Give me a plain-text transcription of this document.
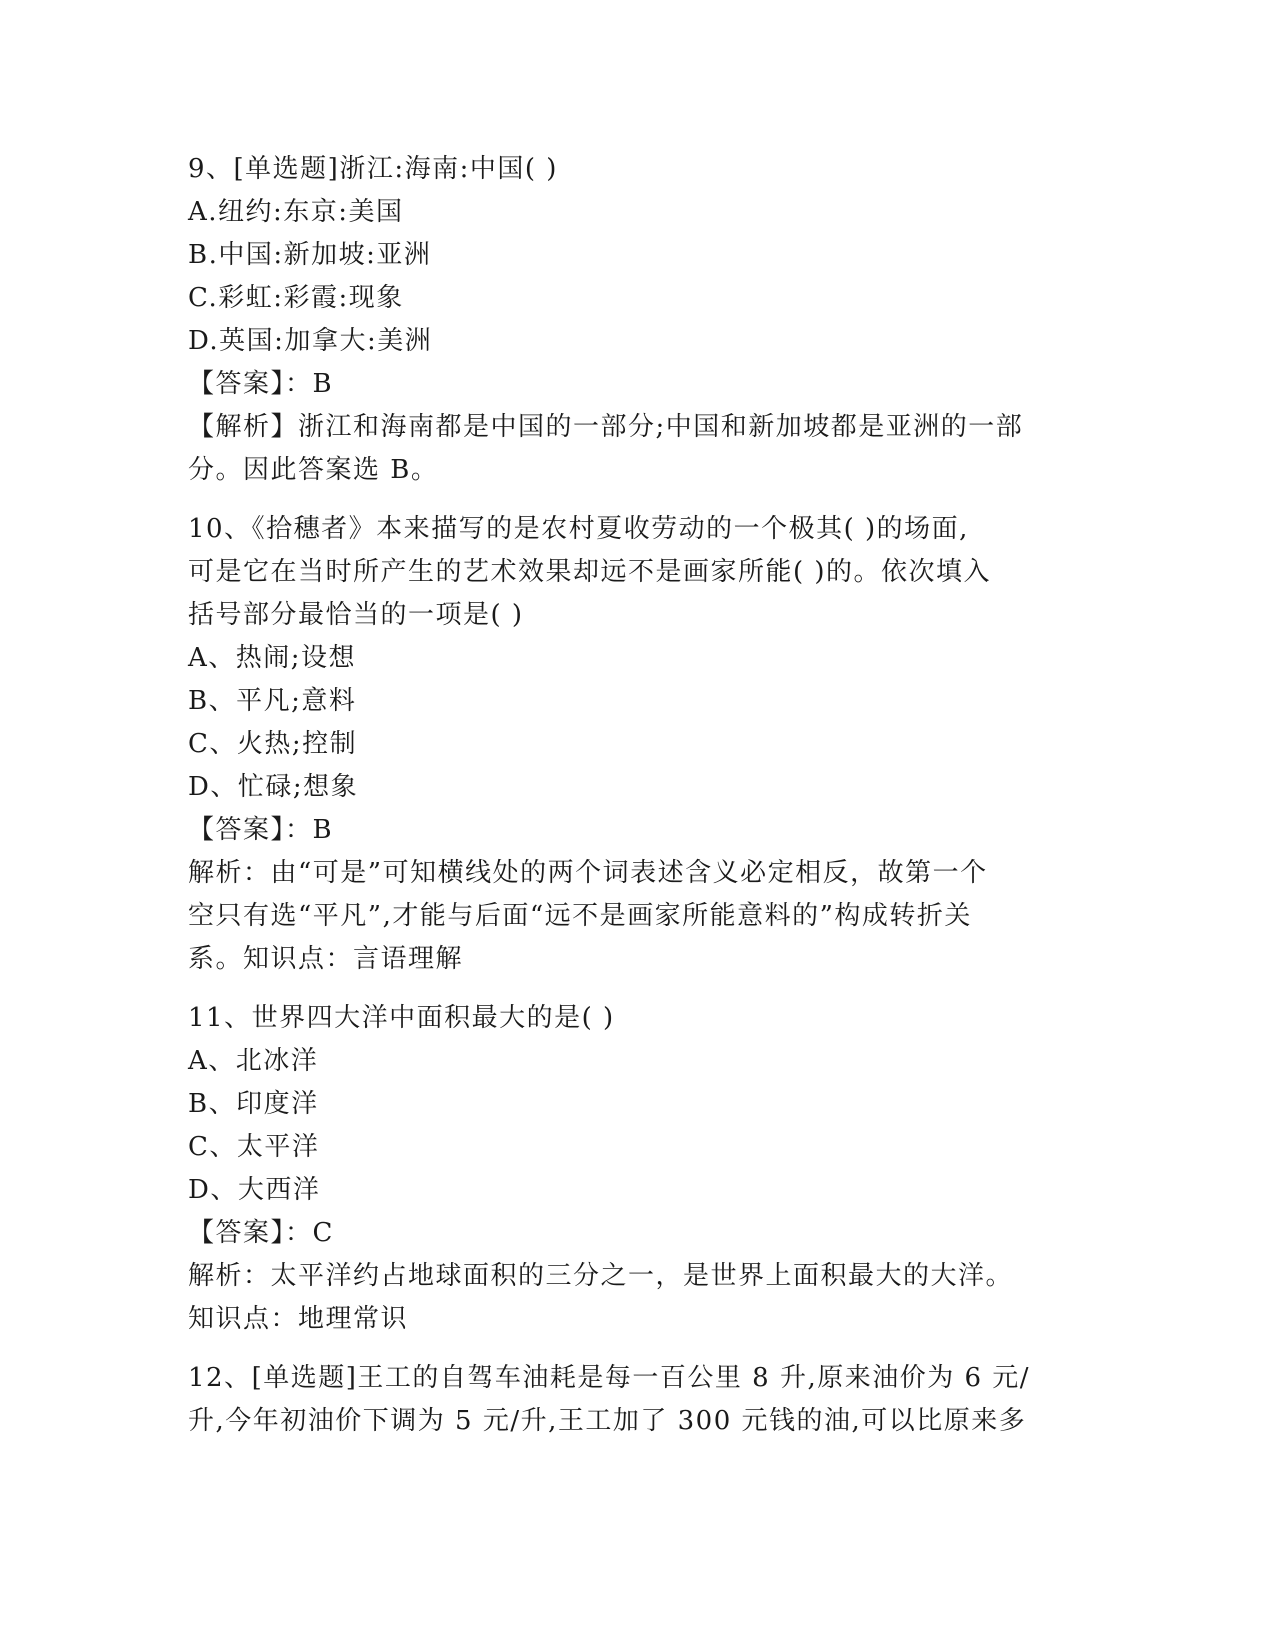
9、[单选题]浙江:海南:中国( )
A.纽约:东京:美国
B.中国:新加坡:亚洲
C.彩虹:彩霞:现象
D.英国:加拿大:美洲
【答案】：B
【解析】浙江和海南都是中国的一部分;中国和新加坡都是亚洲的一部
分。因此答案选 B。
10、《拾穗者》本来描写的是农村夏收劳动的一个极其( )的场面,
可是它在当时所产生的艺术效果却远不是画家所能( )的。依次填入
括号部分最恰当的一项是( )
A、热闹;设想
B、平凡;意料
C、火热;控制
D、忙碌;想象
【答案】：B
解析：由“可是”可知横线处的两个词表述含义必定相反，故第一个
空只有选“平凡”,才能与后面“远不是画家所能意料的”构成转折关
系。知识点：言语理解
11、世界四大洋中面积最大的是( )
A、北冰洋
B、印度洋
C、太平洋
D、大西洋
【答案】：C
解析：太平洋约占地球面积的三分之一，是世界上面积最大的大洋。
知识点：地理常识
12、[单选题]王工的自驾车油耗是每一百公里 8 升,原来油价为 6 元/
升,今年初油价下调为 5 元/升,王工加了 300 元钱的油,可以比原来多
